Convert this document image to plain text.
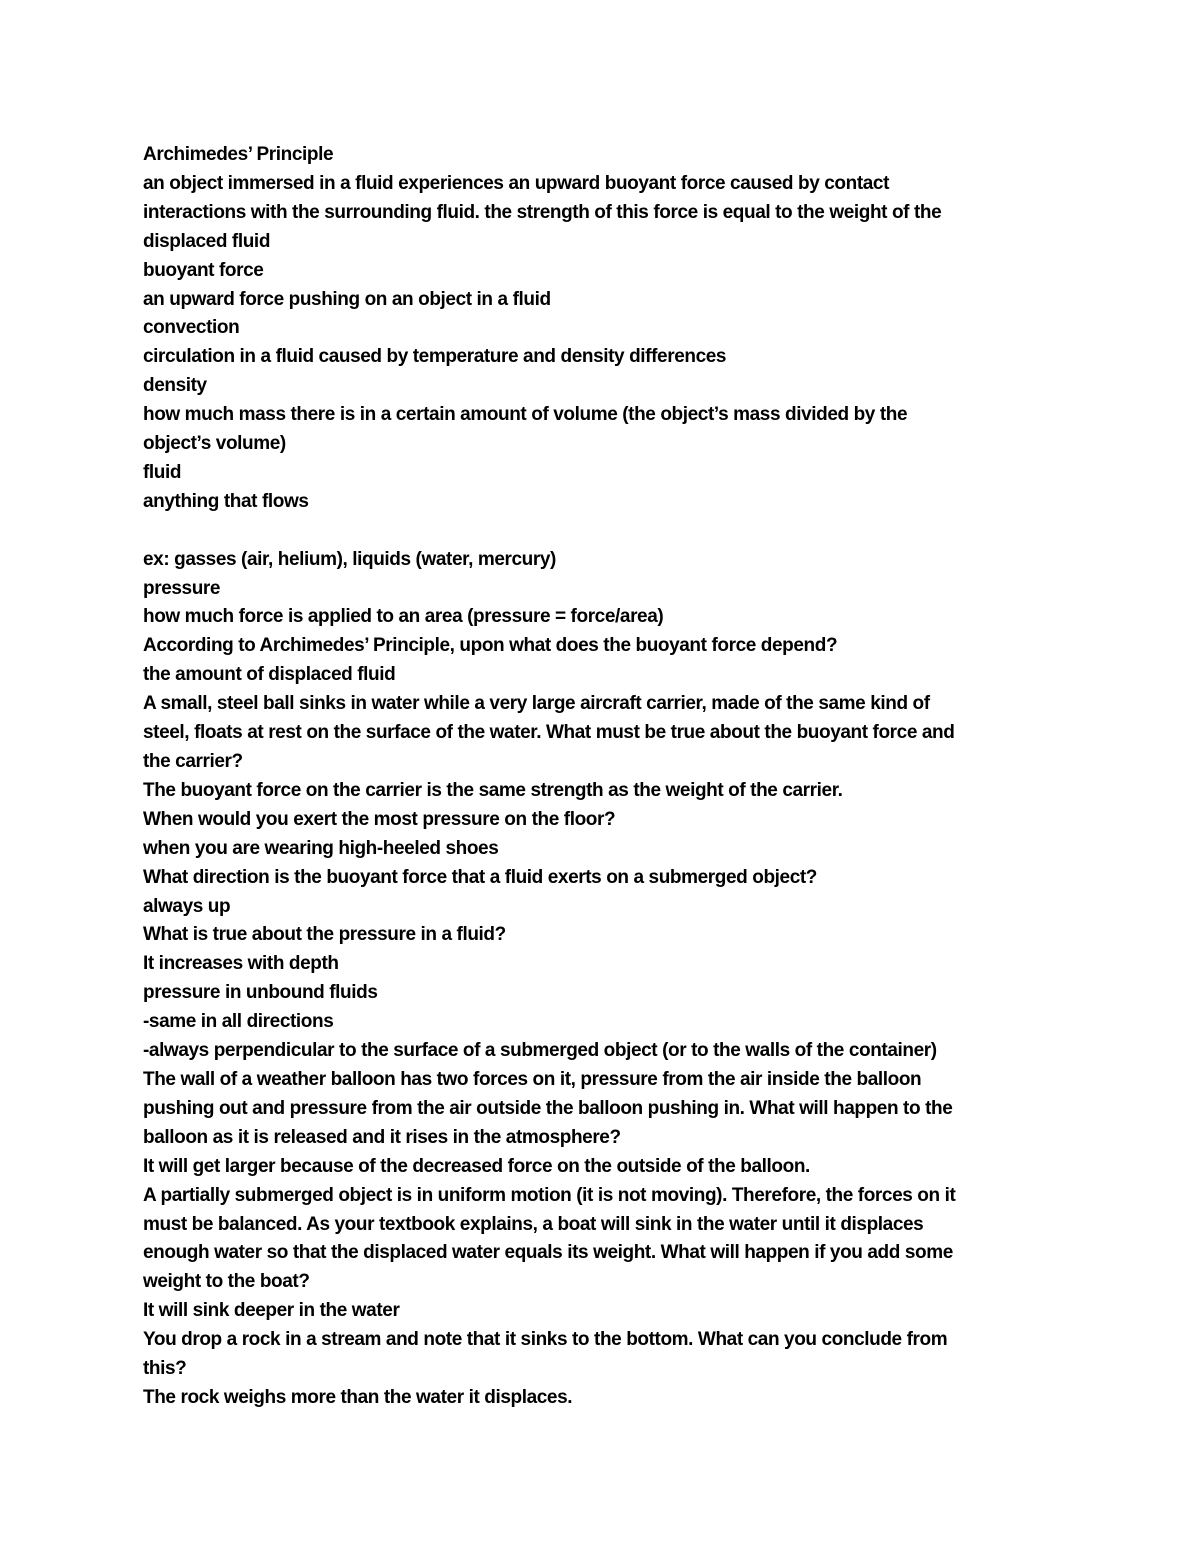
Archimedes’ Principle
an object immersed in a fluid experiences an upward buoyant force caused by contact
interactions with the surrounding fluid. the strength of this force is equal to the weight of the
displaced fluid
buoyant force
an upward force pushing on an object in a fluid
convection
circulation in a fluid caused by temperature and density differences
density
how much mass there is in a certain amount of volume (the object’s mass divided by the
object’s volume)
fluid
anything that flows
ex: gasses (air, helium), liquids (water, mercury)
pressure
how much force is applied to an area (pressure = force/area)
According to Archimedes’ Principle, upon what does the buoyant force depend?
the amount of displaced fluid
A small, steel ball sinks in water while a very large aircraft carrier, made of the same kind of
steel, floats at rest on the surface of the water. What must be true about the buoyant force and
the carrier?
The buoyant force on the carrier is the same strength as the weight of the carrier.
When would you exert the most pressure on the floor?
when you are wearing high-heeled shoes
What direction is the buoyant force that a fluid exerts on a submerged object?
always up
What is true about the pressure in a fluid?
It increases with depth
pressure in unbound fluids
-same in all directions
-always perpendicular to the surface of a submerged object (or to the walls of the container)
The wall of a weather balloon has two forces on it, pressure from the air inside the balloon
pushing out and pressure from the air outside the balloon pushing in. What will happen to the
balloon as it is released and it rises in the atmosphere?
It will get larger because of the decreased force on the outside of the balloon.
A partially submerged object is in uniform motion (it is not moving). Therefore, the forces on it
must be balanced. As your textbook explains, a boat will sink in the water until it displaces
enough water so that the displaced water equals its weight. What will happen if you add some
weight to the boat?
It will sink deeper in the water
You drop a rock in a stream and note that it sinks to the bottom. What can you conclude from
this?
The rock weighs more than the water it displaces.
